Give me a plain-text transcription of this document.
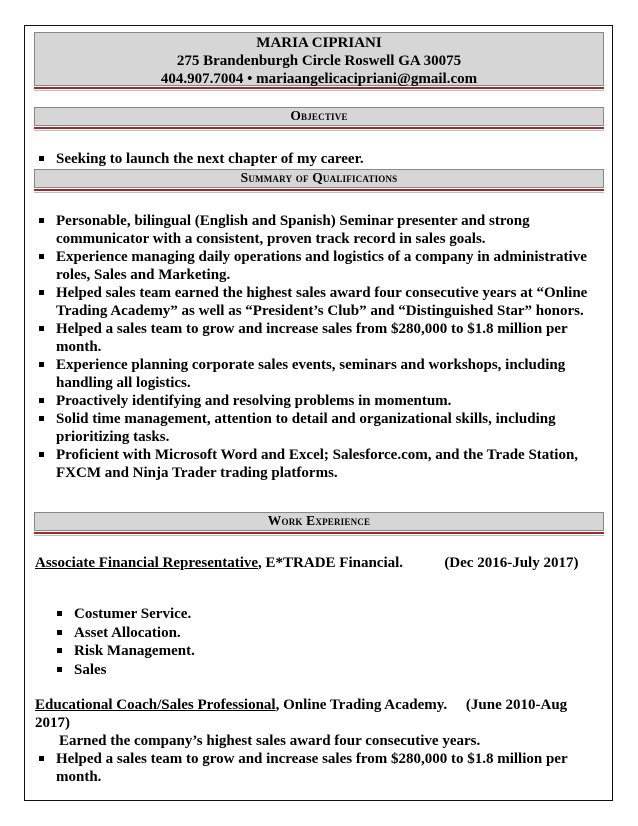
MARIA CIPRIANI
275 Brandenburgh Circle Roswell GA 30075
404.907.7004 • mariaangelicacipriani@gmail.com
Objective
Seeking to launch the next chapter of my career.
Summary of Qualifications
Personable, bilingual (English and Spanish) Seminar presenter and strong communicator with a consistent, proven track record in sales goals.
Experience managing daily operations and logistics of a company in administrative roles, Sales and Marketing.
Helped sales team earned the highest sales award four consecutive years at “Online Trading Academy” as well as “President’s Club” and “Distinguished Star” honors.
Helped a sales team to grow and increase sales from $280,000 to $1.8 million per month.
Experience planning corporate sales events, seminars and workshops, including handling all logistics.
Proactively identifying and resolving problems in momentum.
Solid time management, attention to detail and organizational skills, including prioritizing tasks.
Proficient with Microsoft Word and Excel; Salesforce.com, and the Trade Station, FXCM and Ninja Trader trading platforms.
Work Experience
Associate Financial Representative, E*TRADE Financial.	(Dec 2016-July 2017)
Costumer Service.
Asset Allocation.
Risk Management.
Sales
Educational Coach/Sales Professional, Online Trading Academy. (June 2010-Aug 2017)
Earned the company’s highest sales award four consecutive years.
Helped a sales team to grow and increase sales from $280,000 to $1.8 million per month.
